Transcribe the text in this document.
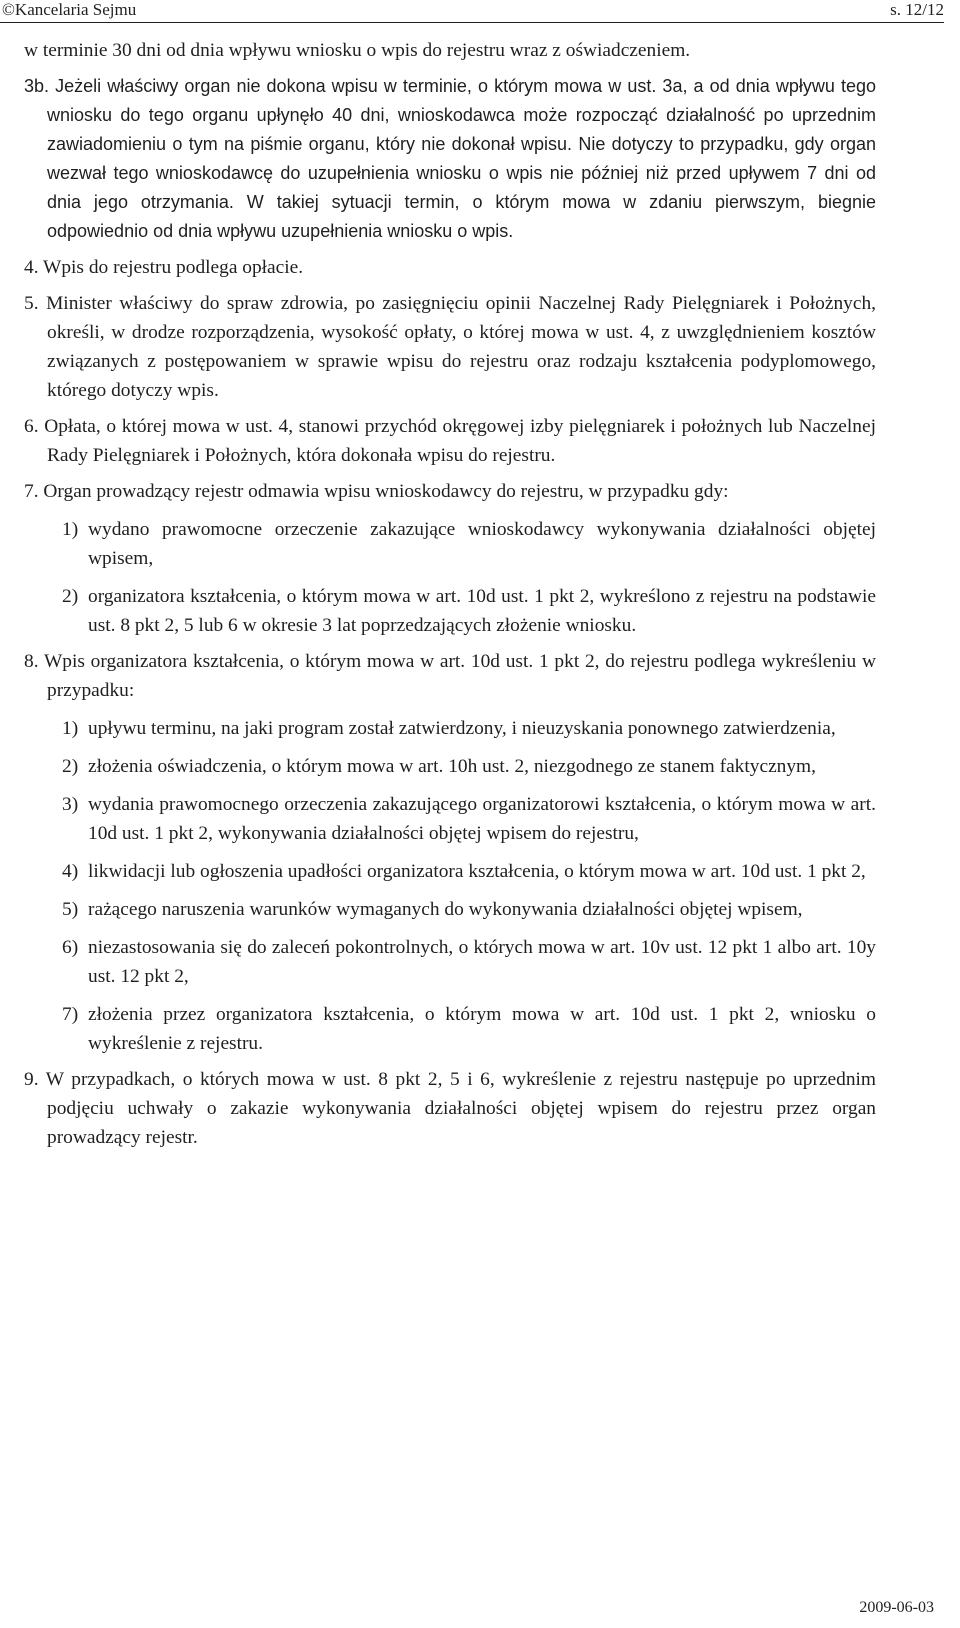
©Kancelaria Sejmu	s. 12/12

w terminie 30 dni od dnia wpływu wniosku o wpis do rejestru wraz z oświadczeniem.

3b. Jeżeli właściwy organ nie dokona wpisu w terminie, o którym mowa w ust. 3a, a od dnia wpływu tego wniosku do tego organu upłynęło 40 dni, wnioskodawca może rozpocząć działalność po uprzednim zawiadomieniu o tym na piśmie organu, który nie dokonał wpisu. Nie dotyczy to przypadku, gdy organ wezwał tego wnioskodawcę do uzupełnienia wniosku o wpis nie później niż przed upływem 7 dni od dnia jego otrzymania. W takiej sytuacji termin, o którym mowa w zdaniu pierwszym, biegnie odpowiednio od dnia wpływu uzupełnienia wniosku o wpis.

4. Wpis do rejestru podlega opłacie.

5. Minister właściwy do spraw zdrowia, po zasięgnięciu opinii Naczelnej Rady Pielęgniarek i Położnych, określi, w drodze rozporządzenia, wysokość opłaty, o której mowa w ust. 4, z uwzględnieniem kosztów związanych z postępowaniem w sprawie wpisu do rejestru oraz rodzaju kształcenia podyplomowego, którego dotyczy wpis.

6. Opłata, o której mowa w ust. 4, stanowi przychód okręgowej izby pielęgniarek i położnych lub Naczelnej Rady Pielęgniarek i Położnych, która dokonała wpisu do rejestru.

7. Organ prowadzący rejestr odmawia wpisu wnioskodawcy do rejestru, w przypadku gdy:

1) wydano prawomocne orzeczenie zakazujące wnioskodawcy wykonywania działalności objętej wpisem,
2) organizatora kształcenia, o którym mowa w art. 10d ust. 1 pkt 2, wykreślono z rejestru na podstawie ust. 8 pkt 2, 5 lub 6 w okresie 3 lat poprzedzających złożenie wniosku.

8. Wpis organizatora kształcenia, o którym mowa w art. 10d ust. 1 pkt 2, do rejestru podlega wykreśleniu w przypadku:

1) upływu terminu, na jaki program został zatwierdzony, i nieuzyskania ponownego zatwierdzenia,
2) złożenia oświadczenia, o którym mowa w art. 10h ust. 2, niezgodnego ze stanem faktycznym,
3) wydania prawomocnego orzeczenia zakazującego organizatorowi kształcenia, o którym mowa w art. 10d ust. 1 pkt 2, wykonywania działalności objętej wpisem do rejestru,
4) likwidacji lub ogłoszenia upadłości organizatora kształcenia, o którym mowa w art. 10d ust. 1 pkt 2,
5) rażącego naruszenia warunków wymaganych do wykonywania działalności objętej wpisem,
6) niezastosowania się do zaleceń pokontrolnych, o których mowa w art. 10v ust. 12 pkt 1 albo art. 10y ust. 12 pkt 2,
7) złożenia przez organizatora kształcenia, o którym mowa w art. 10d ust. 1 pkt 2, wniosku o wykreślenie z rejestru.

9. W przypadkach, o których mowa w ust. 8 pkt 2, 5 i 6, wykreślenie z rejestru następuje po uprzednim podjęciu uchwały o zakazie wykonywania działalności objętej wpisem do rejestru przez organ prowadzący rejestr.

2009-06-03
